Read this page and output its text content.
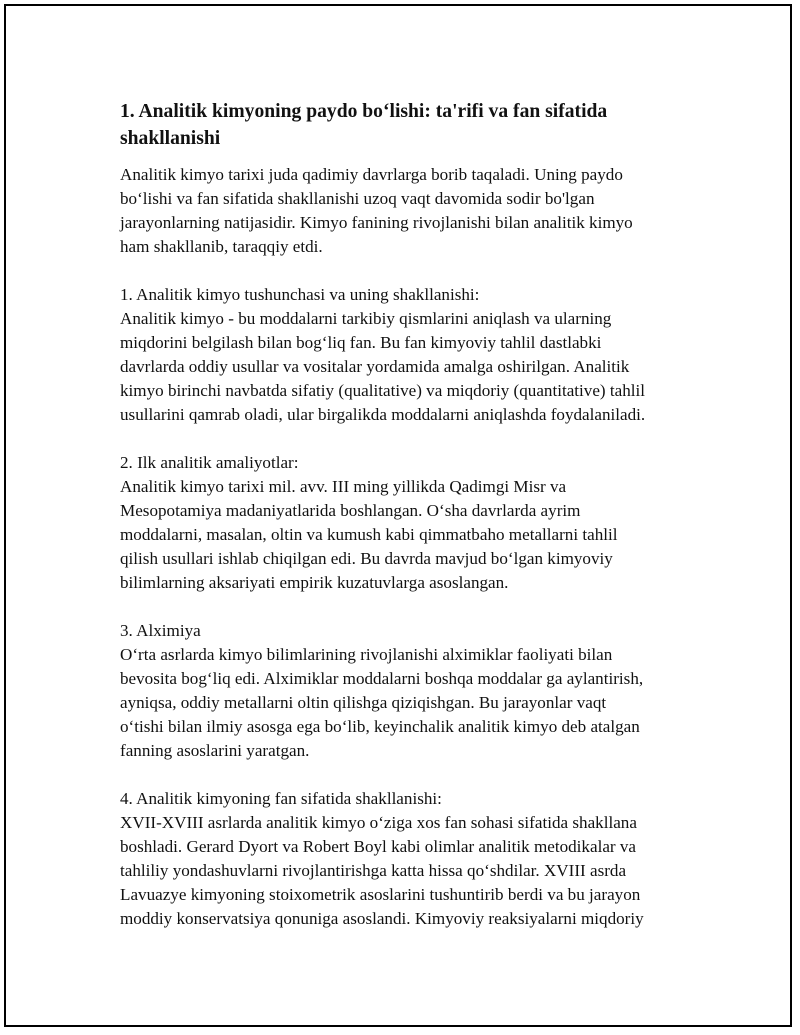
1. Analitik kimyoning paydo bo‘lishi: ta'rifi va fan sifatida
shakllanishi
Analitik kimyo tarixi juda qadimiy davrlarga borib taqaladi. Uning paydo
bo‘lishi va fan sifatida shakllanishi uzoq vaqt davomida sodir bo'lgan
jarayonlarning natijasidir. Kimyo fanining rivojlanishi bilan analitik kimyo
ham shakllanib, taraqqiy etdi.
1. Analitik kimyo tushunchasi va uning shakllanishi:
Analitik kimyo - bu moddalarni tarkibiy qismlarini aniqlash va ularning
miqdorini belgilash bilan bog‘liq fan. Bu fan kimyoviy tahlil dastlabki
davrlarda oddiy usullar va vositalar yordamida amalga oshirilgan. Analitik
kimyo birinchi navbatda sifatiy (qualitative) va miqdoriy (quantitative) tahlil
usullarini qamrab oladi, ular birgalikda moddalarni aniqlashda foydalaniladi.
2. Ilk analitik amaliyotlar:
Analitik kimyo tarixi mil. avv. III ming yillikda Qadimgi Misr va
Mesopotamiya madaniyatlarida boshlangan. O‘sha davrlarda ayrim
moddalarni, masalan, oltin va kumush kabi qimmatbaho metallarni tahlil
qilish usullari ishlab chiqilgan edi. Bu davrda mavjud bo‘lgan kimyoviy
bilimlarning aksariyati empirik kuzatuvlarga asoslangan.
3. Alximiya
O‘rta asrlarda kimyo bilimlarining rivojlanishi alximiklar faoliyati bilan
bevosita bog‘liq edi. Alximiklar moddalarni boshqa moddalar ga aylantirish,
ayniqsa, oddiy metallarni oltin qilishga qiziqishgan. Bu jarayonlar vaqt
o‘tishi bilan ilmiy asosga ega bo‘lib, keyinchalik analitik kimyo deb atalgan
fanning asoslarini yaratgan.
4. Analitik kimyoning fan sifatida shakllanishi:
XVII-XVIII asrlarda analitik kimyo o‘ziga xos fan sohasi sifatida shakllana
boshladi. Gerard Dyort va Robert Boyl kabi olimlar analitik metodikalar va
tahliliy yondashuvlarni rivojlantirishga katta hissa qo‘shdilar. XVIII asrda
Lavuazye kimyoning stoixometrik asoslarini tushuntirib berdi va bu jarayon
moddiy konservatsiya qonuniga asoslandi. Kimyoviy reaksiyalarni miqdoriy
